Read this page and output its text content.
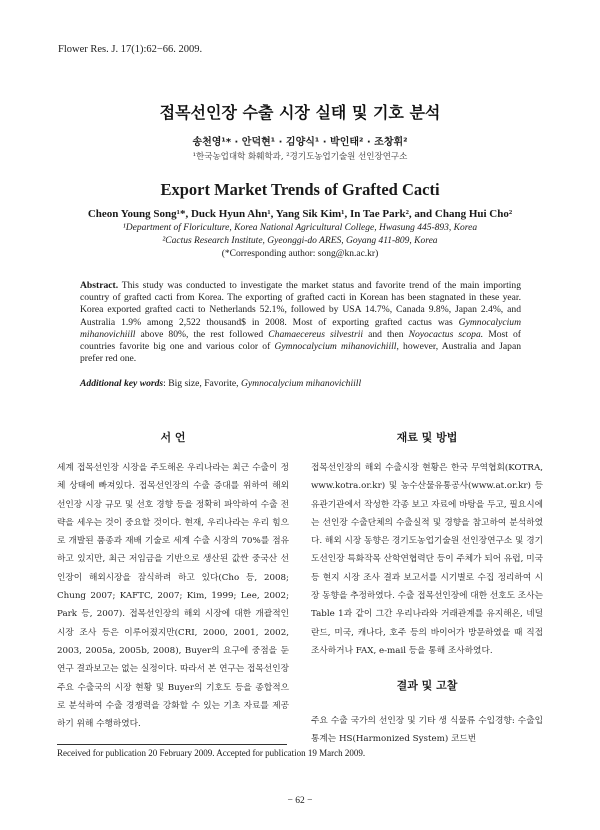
Flower Res. J. 17(1):62−66. 2009.
접목선인장 수출 시장 실태 및 기호 분석
송천영¹* · 안덕현¹ · 김양식¹ · 박인태² · 조창휘²
¹한국농업대학 화훼학과, ²경기도농업기술원 선인장연구소
Export Market Trends of Grafted Cacti
Cheon Young Song¹*, Duck Hyun Ahn¹, Yang Sik Kim¹, In Tae Park², and Chang Hui Cho²
¹Department of Floriculture, Korea National Agricultural College, Hwasung 445-893, Korea
²Cactus Research Institute, Gyeonggi-do ARES, Goyang 411-809, Korea
(*Corresponding author: song@kn.ac.kr)
Abstract. This study was conducted to investigate the market status and favorite trend of the main importing country of grafted cacti from Korea. The exporting of grafted cacti in Korean has been stagnated in these year. Korea exported grafted cacti to Netherlands 52.1%, followed by USA 14.7%, Canada 9.8%, Japan 2.4%, and Australia 1.9% among 2,522 thousand$ in 2008. Most of exporting grafted cactus was Gymnocalycium mihanovichiill above 80%, the rest followed Chamaecereus silvestrii and then Noyocactus scopa. Most of countries favorite big one and various color of Gymnocalycium mihanovichiill, however, Australia and Japan prefer red one.
Additional key words: Big size, Favorite, Gymnocalycium mihanovichiill
서 언
세계 접목선인장 시장을 주도해온 우리나라는 최근 수출이 정체 상태에 빠져있다. 접목선인장의 수출 증대를 위하여 해외 선인장 시장 규모 및 선호 경향 등을 정확히 파악하여 수출 전략을 세우는 것이 중요할 것이다. 현재, 우리나라는 우리 힘으로 개발된 품종과 재배 기술로 세계 수출 시장의 70%를 점유하고 있지만, 최근 저임금을 기반으로 생산된 값싼 중국산 선인장이 해외시장을 잠식하려 하고 있다(Cho 등, 2008; Chung 2007; KAFTC, 2007; Kim, 1999; Lee, 2002; Park 등, 2007). 접목선인장의 해외 시장에 대한 개괄적인 시장 조사 등은 이루어졌지만(CRI, 2000, 2001, 2002, 2003, 2005a, 2005b, 2008), Buyer의 요구에 중점을 둔 연구 결과보고는 없는 실정이다. 따라서 본 연구는 접목선인장 주요 수출국의 시장 현황 및 Buyer의 기호도 등을 종합적으로 분석하여 수출 경쟁력을 강화할 수 있는 기초 자료를 제공하기 위해 수행하였다.
재료 및 방법
접목선인장의 해외 수출시장 현황은 한국 무역협회(KOTRA, www.kotra.or.kr) 및 농수산물유통공사(www.at.or.kr) 등 유관기관에서 작성한 각종 보고 자료에 바탕을 두고, 필요시에는 선인장 수출단체의 수출실적 및 경향을 참고하여 분석하였다. 해외 시장 동향은 경기도농업기술원 선인장연구소 및 경기도선인장 특화작목 산학연협력단 등이 주체가 되어 유럽, 미국 등 현지 시장 조사 결과 보고서를 시기별로 수집 정리하여 시장 동향을 추정하였다. 수출 접목선인장에 대한 선호도 조사는 Table 1과 같이 그간 우리나라와 거래관계를 유지해온, 네덜란드, 미국, 캐나다, 호주 등의 바이어가 방문하였을 때 직접 조사하거나 FAX, e-mail 등을 통해 조사하였다.
결과 및 고찰
주요 수출 국가의 선인장 및 기타 생 식물류 수입경향: 수출입 통계는 HS(Harmonized System) 코드번
Received for publication 20 February 2009. Accepted for publication 19 March 2009.
− 62 −
